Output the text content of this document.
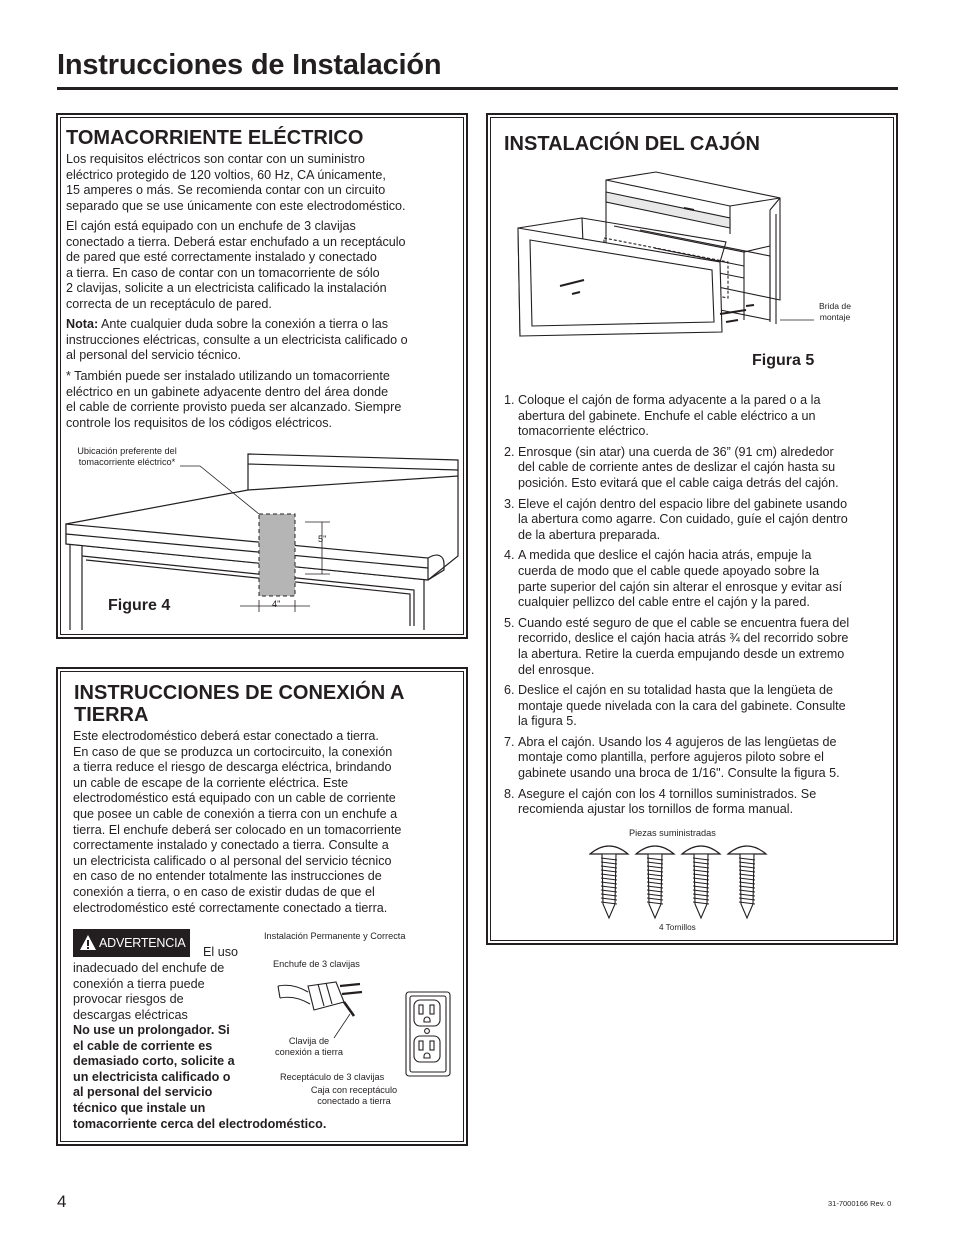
Instrucciones de Instalación
TOMACORRIENTE ELÉCTRICO
Los requisitos eléctricos son contar con un suministro
eléctrico protegido de 120 voltios, 60 Hz, CA únicamente,
15 amperes o más. Se recomienda contar con un circuito
separado que se use únicamente con este electrodoméstico.
El cajón está equipado con un enchufe de 3 clavijas
conectado a tierra. Deberá estar enchufado a un receptáculo
de pared que esté correctamente instalado y conectado
a tierra. En caso de contar con un tomacorriente de sólo
2 clavijas, solicite a un electricista calificado la instalación
correcta de un receptáculo de pared.
Nota: Ante cualquier duda sobre la conexión a tierra o las
instrucciones eléctricas, consulte a un electricista calificado o
al personal del servicio técnico.
* También puede ser instalado utilizando un tomacorriente
eléctrico en un gabinete adyacente dentro del área donde
el cable de corriente provisto pueda ser alcanzado. Siempre
controle los requisitos de los códigos eléctricos.
Ubicación preferente del
tomacorriente eléctrico*
5"
4"
Figure 4
INSTRUCCIONES DE CONEXIÓN A
TIERRA
Este electrodoméstico deberá estar conectado a tierra.
En caso de que se produzca un cortocircuito, la conexión
a tierra reduce el riesgo de descarga eléctrica, brindando
un cable de escape de la corriente eléctrica. Este
electrodoméstico está equipado con un cable de corriente
que posee un cable de conexión a tierra con un enchufe a
tierra. El enchufe deberá ser colocado en un tomacorriente
correctamente instalado y conectado a tierra. Consulte a
un electricista calificado o al personal del servicio técnico
en caso de no entender totalmente las instrucciones de
conexión a tierra, o en caso de existir dudas de que el
electrodoméstico esté correctamente conectado a tierra.
ADVERTENCIA
El uso
inadecuado del enchufe de
conexión a tierra puede
provocar riesgos de
descargas eléctricas
No use un prolongador. Si
el cable de corriente es
demasiado corto, solicite a
un electricista calificado o
al personal del servicio
técnico que instale un
tomacorriente cerca del electrodoméstico.
Instalación Permanente y Correcta
Enchufe de 3 clavijas
Clavija de
conexión a tierra
Receptáculo de 3 clavijas
Caja con receptáculo
conectado a tierra
INSTALACIÓN DEL CAJÓN
Brida de
montaje
Figura 5
1. Coloque el cajón de forma adyacente a la pared o a la
abertura del gabinete. Enchufe el cable eléctrico a un
tomacorriente eléctrico.
2. Enrosque (sin atar) una cuerda de 36” (91 cm) alrededor
del cable de corriente antes de deslizar el cajón hasta su
posición. Esto evitará que el cable caiga detrás del cajón.
3. Eleve el cajón dentro del espacio libre del gabinete usando
la abertura como agarre. Con cuidado, guíe el cajón dentro
de la abertura preparada.
4. A medida que deslice el cajón hacia atrás, empuje la
cuerda de modo que el cable quede apoyado sobre la
parte superior del cajón sin alterar el enrosque y evitar así
cualquier pellizco del cable entre el cajón y la pared.
5. Cuando esté seguro de que el cable se encuentra fuera del
recorrido, deslice el cajón hacia atrás ¾ del recorrido sobre
la abertura. Retire la cuerda empujando desde un extremo
del enrosque.
6. Deslice el cajón en su totalidad hasta que la lengüeta de
montaje quede nivelada con la cara del gabinete. Consulte
la figura 5.
7. Abra el cajón. Usando los 4 agujeros de las lengüetas de
montaje como plantilla, perfore agujeros piloto sobre el
gabinete usando una broca de 1/16". Consulte la figura 5.
8. Asegure el cajón con los 4 tornillos suministrados. Se
recomienda ajustar los tornillos de forma manual.
Piezas suministradas
4 Tornillos
4	31-7000166 Rev. 0
